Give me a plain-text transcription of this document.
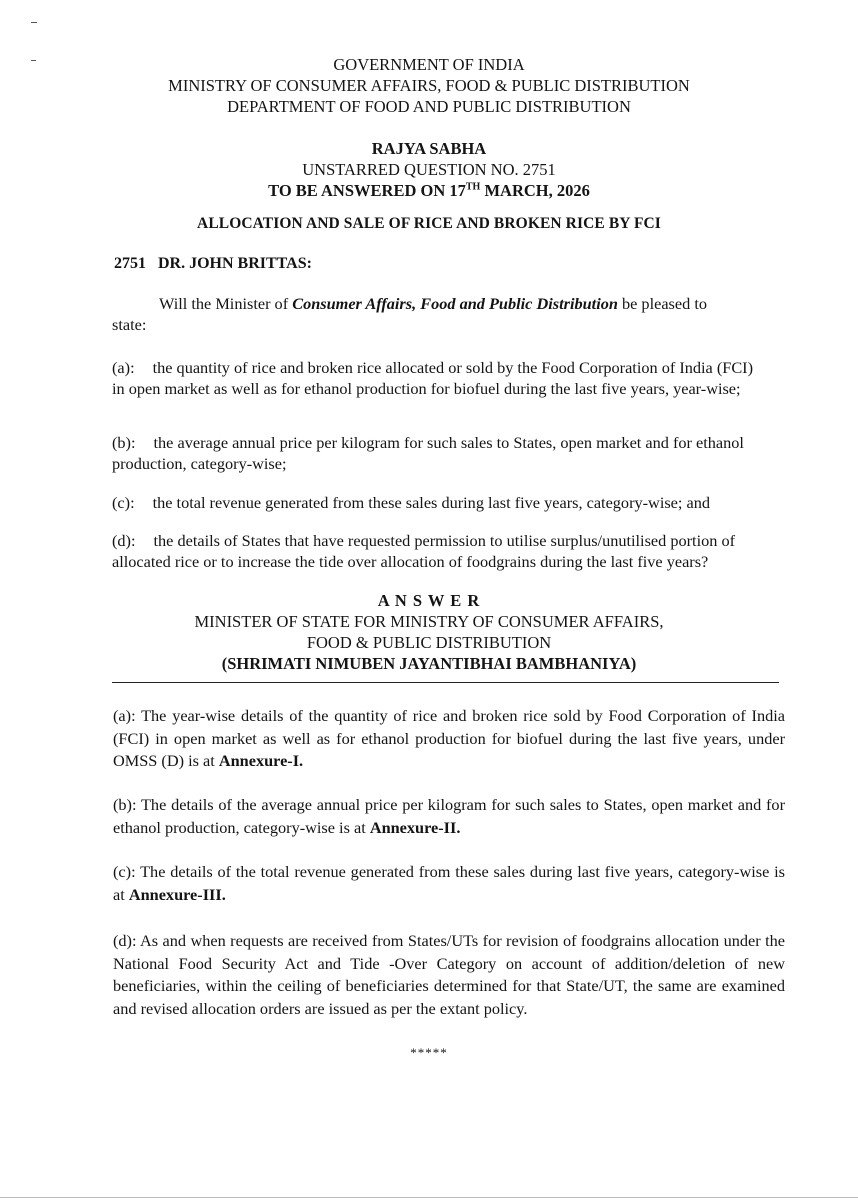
GOVERNMENT OF INDIA
MINISTRY OF CONSUMER AFFAIRS, FOOD & PUBLIC DISTRIBUTION
DEPARTMENT OF FOOD AND PUBLIC DISTRIBUTION
RAJYA SABHA
UNSTARRED QUESTION NO. 2751
TO BE ANSWERED ON 17TH MARCH, 2026
ALLOCATION AND SALE OF RICE AND BROKEN RICE BY FCI
2751 DR. JOHN BRITTAS:
Will the Minister of Consumer Affairs, Food and Public Distribution be pleased to
state:
(a): the quantity of rice and broken rice allocated or sold by the Food Corporation of India (FCI) in open market as well as for ethanol production for biofuel during the last five years, year-wise;
(b): the average annual price per kilogram for such sales to States, open market and for ethanol production, category-wise;
(c): the total revenue generated from these sales during last five years, category-wise; and
(d): the details of States that have requested permission to utilise surplus/unutilised portion of allocated rice or to increase the tide over allocation of foodgrains during the last five years?
A N S W E R
MINISTER OF STATE FOR MINISTRY OF CONSUMER AFFAIRS,
FOOD & PUBLIC DISTRIBUTION
(SHRIMATI NIMUBEN JAYANTIBHAI BAMBHANIYA)
(a): The year-wise details of the quantity of rice and broken rice sold by Food Corporation of India (FCI) in open market as well as for ethanol production for biofuel during the last five years, under OMSS (D) is at Annexure-I.
(b): The details of the average annual price per kilogram for such sales to States, open market and for ethanol production, category-wise is at Annexure-II.
(c): The details of the total revenue generated from these sales during last five years, category-wise is at Annexure-III.
(d): As and when requests are received from States/UTs for revision of foodgrains allocation under the National Food Security Act and Tide -Over Category on account of addition/deletion of new beneficiaries, within the ceiling of beneficiaries determined for that State/UT, the same are examined and revised allocation orders are issued as per the extant policy.
*****
